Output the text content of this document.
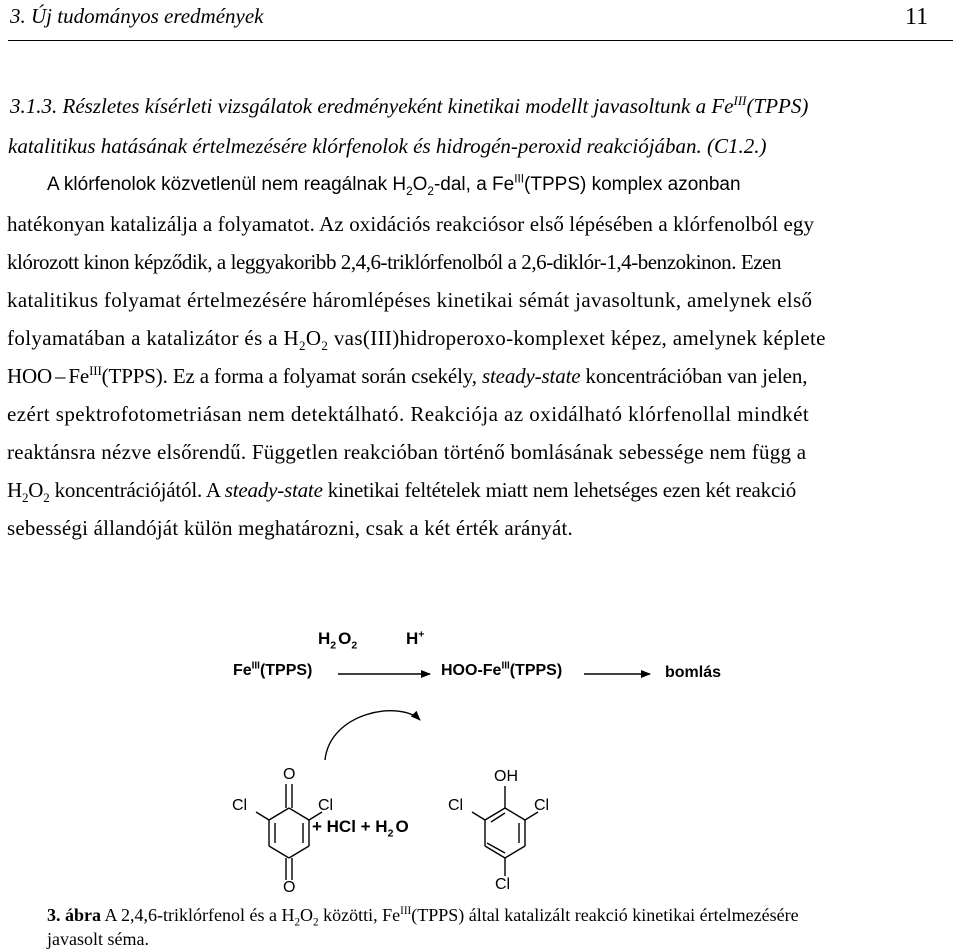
3. Új tudományos eredmények	11
3.1.3. Részletes kísérleti vizsgálatok eredményeként kinetikai modellt javasoltunk a $Fe^{III}(TPPS)$
katalitikus hatásának értelmezésére klórfenolok és hidrogén-peroxid reakciójában. (C1.2.)
A klórfenolok közvetlenül nem reagálnak $H_2O_2$-dal, a $Fe^{III}(TPPS)$ komplex azonban
hatékonyan katalizálja a folyamatot. Az oxidációs reakciósor első lépésében a klórfenolból egy
klórozott kinon képződik, a leggyakoribb 2,4,6-triklórfenolból a 2,6-diklór-1,4-benzokinon. Ezen
katalitikus folyamat értelmezésére háromlépéses kinetikai sémát javasoltunk, amelynek első
folyamatában a katalizátor és a $H_2O_2$ vas(III)hidroperoxo-komplexet képez, amelynek képlete
HOO – $Fe^{III}(TPPS)$. Ez a forma a folyamat során csekély, steady-state koncentrációban van jelen,
ezért spektrofotometriásan nem detektálható. Reakciója az oxidálható klórfenollal mindkét
reaktánsra nézve elsőrendű. Független reakcióban történő bomlásának sebessége nem függ a
$H_2O_2$ koncentrációjától. A steady-state kinetikai feltételek miatt nem lehetséges ezen két reakció
sebességi állandóját külön meghatározni, csak a két érték arányát.
$H_2$ $O_2$	H+
$Fe^{III}(TPPS)$	HOO-$Fe^{III}(TPPS)$	bomlás
O
Cl	Cl
O
+ HCl + $H_2$ O
OH
Cl	Cl
Cl
3. ábra A 2,4,6-triklórfenol és a $H_2O_2$ közötti, $Fe^{III}(TPPS)$ által katalizált reakció kinetikai értelmezésére
javasolt séma.
